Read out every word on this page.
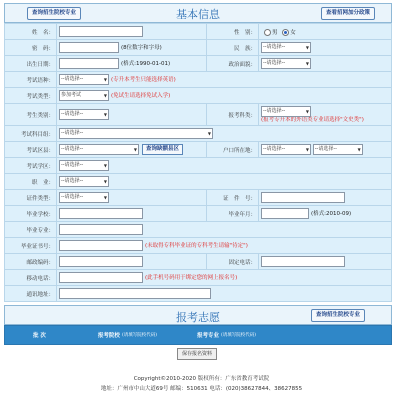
查询招生院校专业	基本信息	查看招网加分政策
姓　名：		性　别：	男 女
密　码：	(8位数字和字母)	民　族：	--请选择-- ▼

出生日期：	(格式:1990-01-01)	政治面貌：	--请选择-- ▼

考试语种：	--请选择-- ▼ (专升本考生只能选择英语)		
考试类型：	参加考试 ▼ (免试生请选择免试入学)		
考生类别：	--请选择-- ▼	报考科类：	--请选择-- ▼

(报考专升本的外语类专业请选择"文史类")
考试科目组：	--请选择-- ▼		

考试区县：	--请选择-- ▼ 查询缺额县区	户口所在地：	--请选择-- ▼ --请选择-- ▼

考试学区：	--请选择-- ▼		

职　业：	--请选择-- ▼		

证件类型：	--请选择-- ▼	证　件　号：	
毕业学校：		毕业年月：	(格式:2010-09)
毕业专业：			
毕业证书号：	(未取得专科毕业证的专科考生请输"待定")		
邮政编码：		固定电话：	
移动电话：	(此手机号码用于绑定您的网上报名号)		
通讯地址：			
报考志愿	查询招生院校专业
批 次	报考院校 (请填写院校代码)	报考专业 (请填写院校代码)
保存报名资料
Copyright©2010-2020 版权所有：广东省教育考试院
地址：广州市中山大道69号 邮编：510631 电话：(020)38627844、38627855
